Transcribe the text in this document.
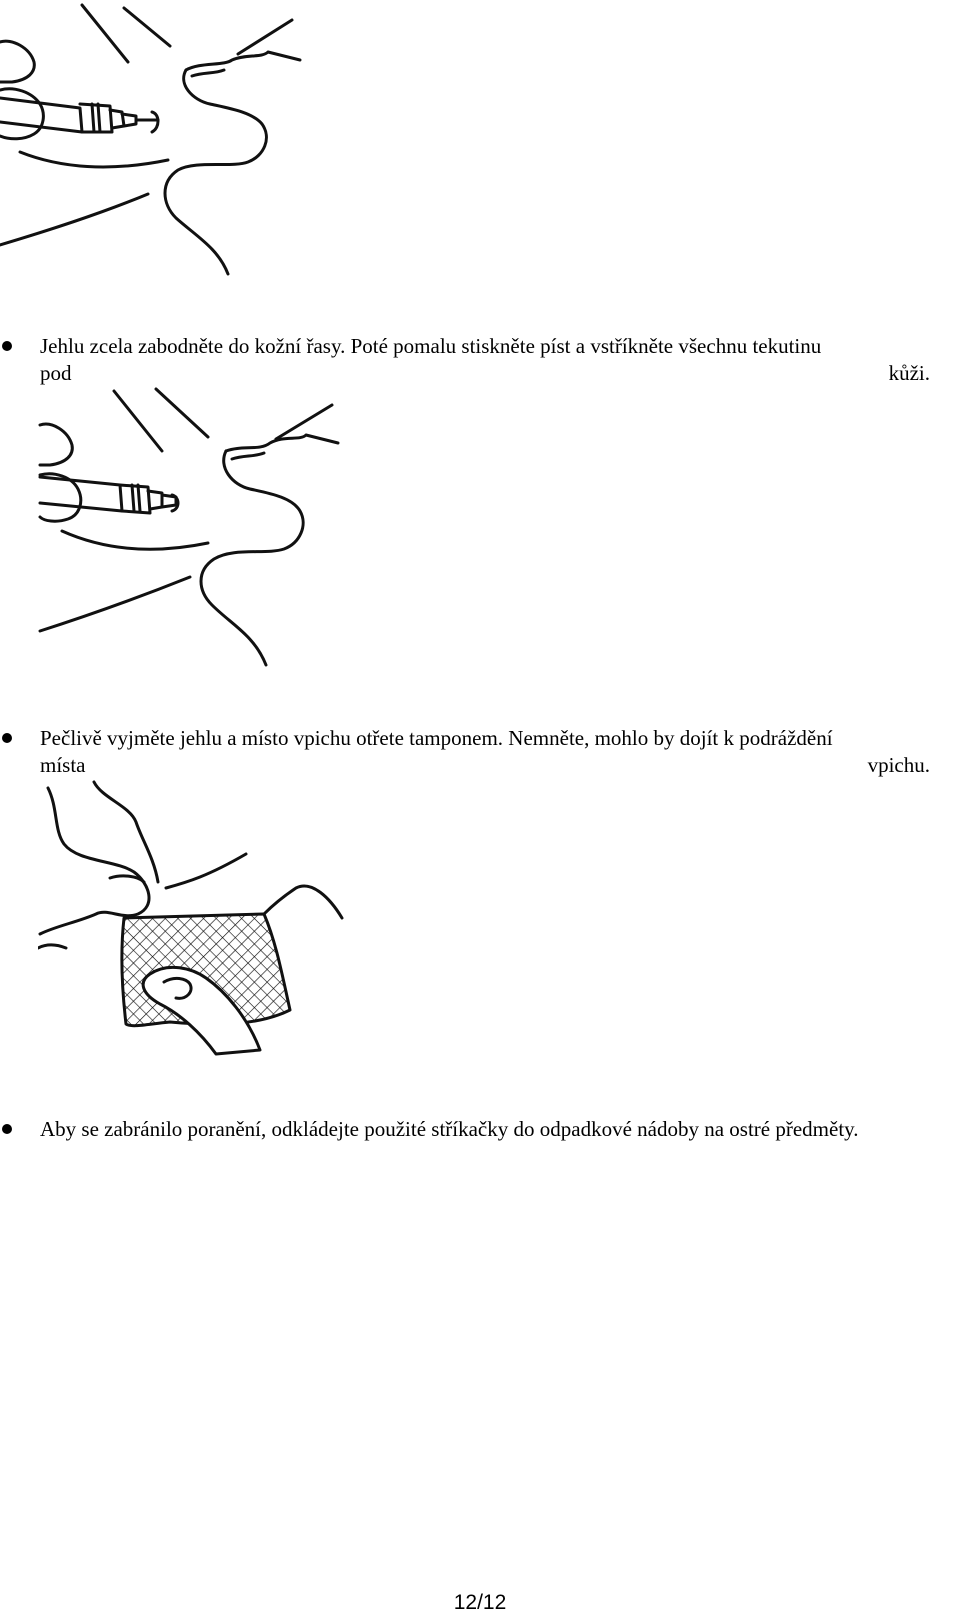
Jehlu zcela zabodněte do kožní řasy. Poté pomalu stiskněte píst a vstříkněte všechnu tekutinu
pod	kůži.
Pečlivě vyjměte jehlu a místo vpichu otřete tamponem. Nemněte, mohlo by dojít k podráždění
místa	vpichu.
Aby se zabránilo poranění, odkládejte použité stříkačky do odpadkové nádoby na ostré předměty.
12/12
